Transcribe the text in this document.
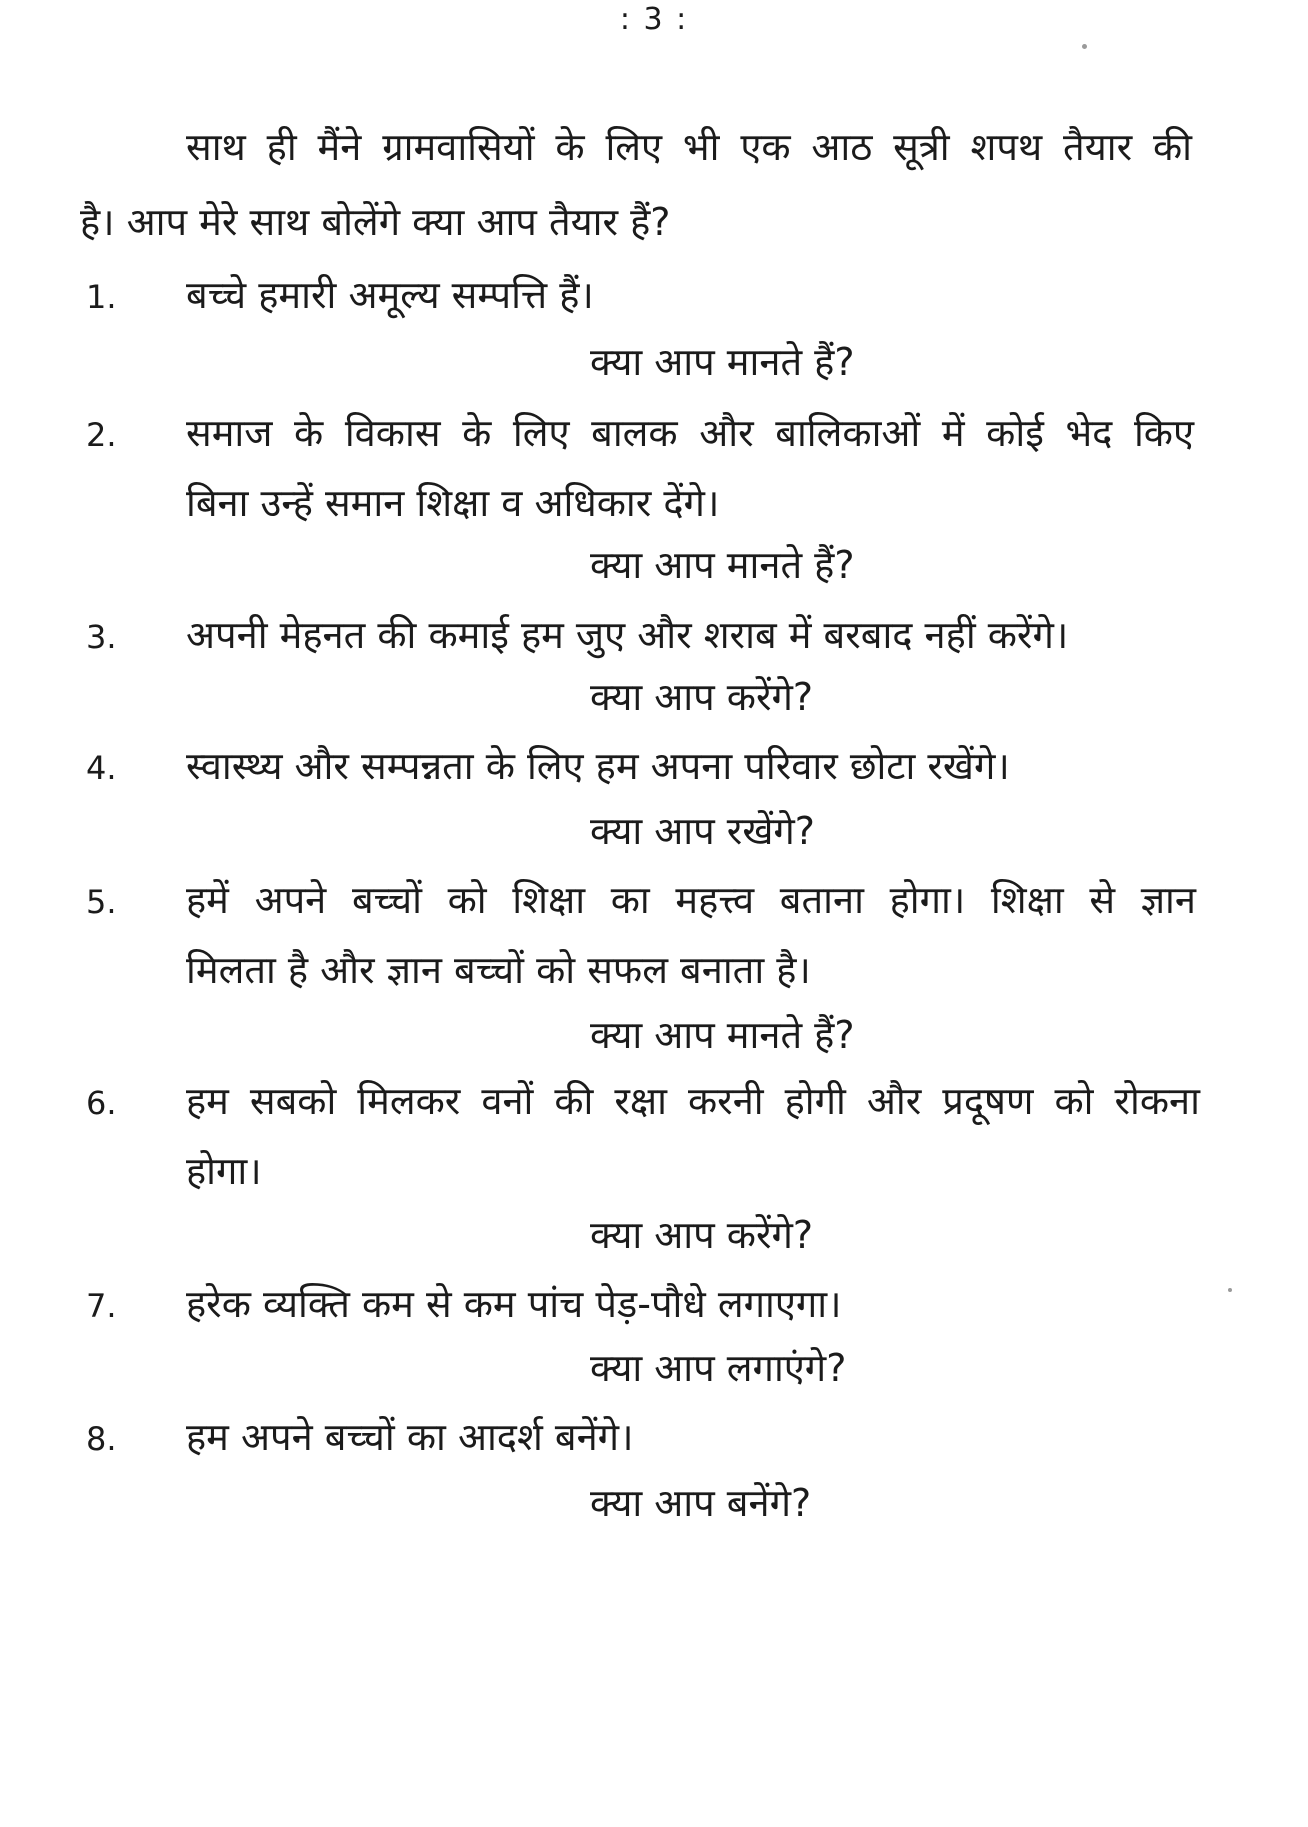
: 3 :
साथ ही मैंने ग्रामवासियों के लिए भी एक आठ सूत्री शपथ तैयार की
है। आप मेरे साथ बोलेंगे क्या आप तैयार हैं?
1. बच्चे हमारी अमूल्य सम्पत्ति हैं।
क्या आप मानते हैं?
2. समाज के विकास के लिए बालक और बालिकाओं में कोई भेद किए
बिना उन्हें समान शिक्षा व अधिकार देंगे।
क्या आप मानते हैं?
3. अपनी मेहनत की कमाई हम जुए और शराब में बरबाद नहीं करेंगे।
क्या आप करेंगे?
4. स्वास्थ्य और सम्पन्नता के लिए हम अपना परिवार छोटा रखेंगे।
क्या आप रखेंगे?
5. हमें अपने बच्चों को शिक्षा का महत्त्व बताना होगा। शिक्षा से ज्ञान
मिलता है और ज्ञान बच्चों को सफल बनाता है।
क्या आप मानते हैं?
6. हम सबको मिलकर वनों की रक्षा करनी होगी और प्रदूषण को रोकना
होगा।
क्या आप करेंगे?
7. हरेक व्यक्ति कम से कम पांच पेड़-पौधे लगाएगा।
क्या आप लगाएंगे?
8. हम अपने बच्चों का आदर्श बनेंगे।
क्या आप बनेंगे?
